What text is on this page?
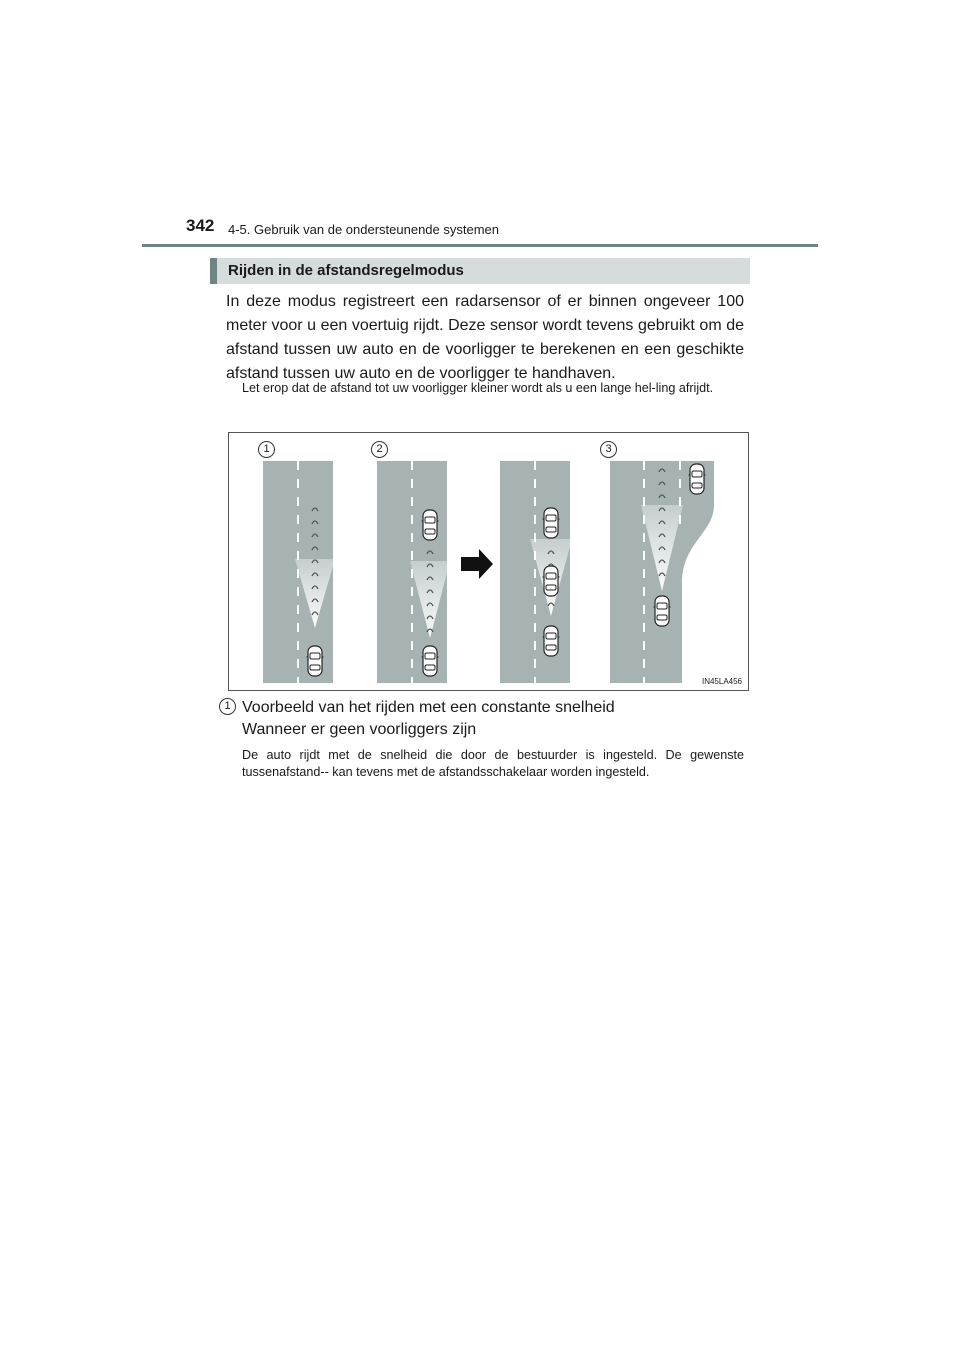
342 4-5. Gebruik van de ondersteunende systemen
Rijden in de afstandsregelmodus
In deze modus registreert een radarsensor of er binnen ongeveer 100 meter voor u een voertuig rijdt. Deze sensor wordt tevens gebruikt om de afstand tussen uw auto en de voorligger te berekenen en een geschikte afstand tussen uw auto en de voorligger te handhaven.
Let erop dat de afstand tot uw voorligger kleiner wordt als u een lange hel-ling afrijdt.
1	2	3
IN45LA456
1 Voorbeeld van het rijden met een constante snelheid
Wanneer er geen voorliggers zijn
De auto rijdt met de snelheid die door de bestuurder is ingesteld. De gewenste tussenafstand-- kan tevens met de afstandsschakelaar worden ingesteld.
